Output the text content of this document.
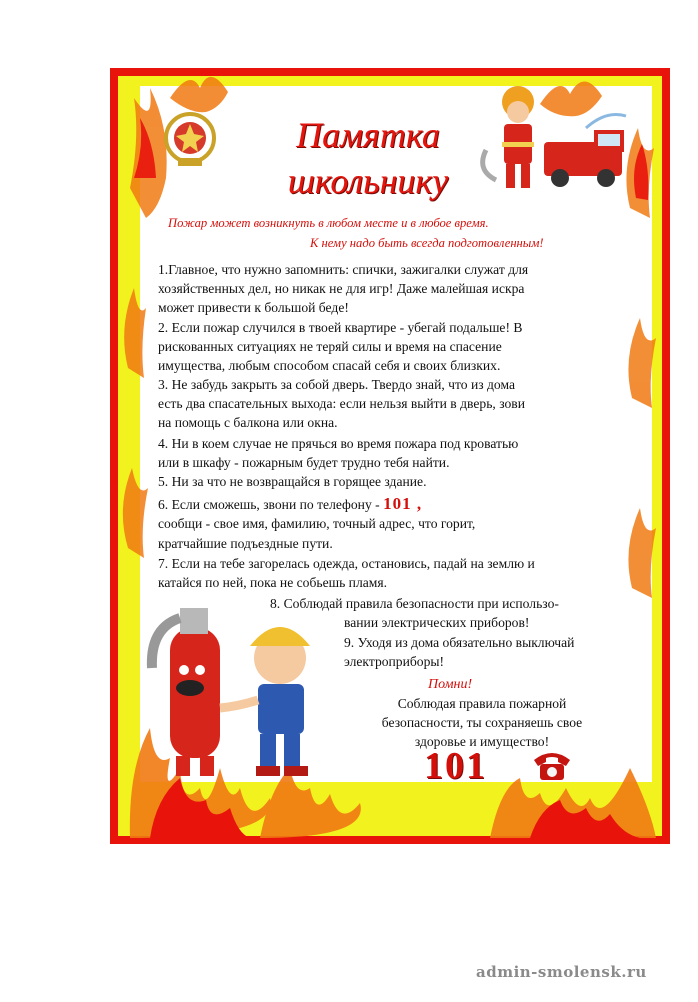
Памятка
школьнику

Пожар может возникнуть в любом месте и в любое время.

К нему надо быть всегда подготовленным!

1.Главное, что нужно запомнить: спички, зажигалки служат для

хозяйственных дел, но никак не для игр! Даже малейшая искра

может привести к большой беде!

2. Если пожар случился в твоей квартире - убегай подальше! В

рискованных ситуациях не теряй силы и время на спасение

имущества, любым способом спасай себя и своих близких.

3. Не забудь закрыть за собой дверь. Твердо знай, что из дома

есть два спасательных выхода: если нельзя выйти в дверь, зови

на помощь с балкона или окна.

4. Ни в коем случае не прячься во время пожара под кроватью

или в шкафу - пожарным будет трудно тебя найти.

5. Ни за что не возвращайся в горящее здание.

6. Если сможешь, звони по телефону - 101 ,

сообщи - свое имя, фамилию, точный адрес, что горит,

кратчайшие подъездные пути.

7. Если на тебе загорелась одежда, остановись, падай на землю и

катайся по ней, пока не собьешь пламя.

8. Соблюдай правила безопасности при использо-

вании электрических приборов!

9. Уходя из дома обязательно выключай

электроприборы!

Помни!

Соблюдая правила пожарной
безопасности, ты сохраняешь свое
здоровье и имущество!

101

admin-smolensk.ru
